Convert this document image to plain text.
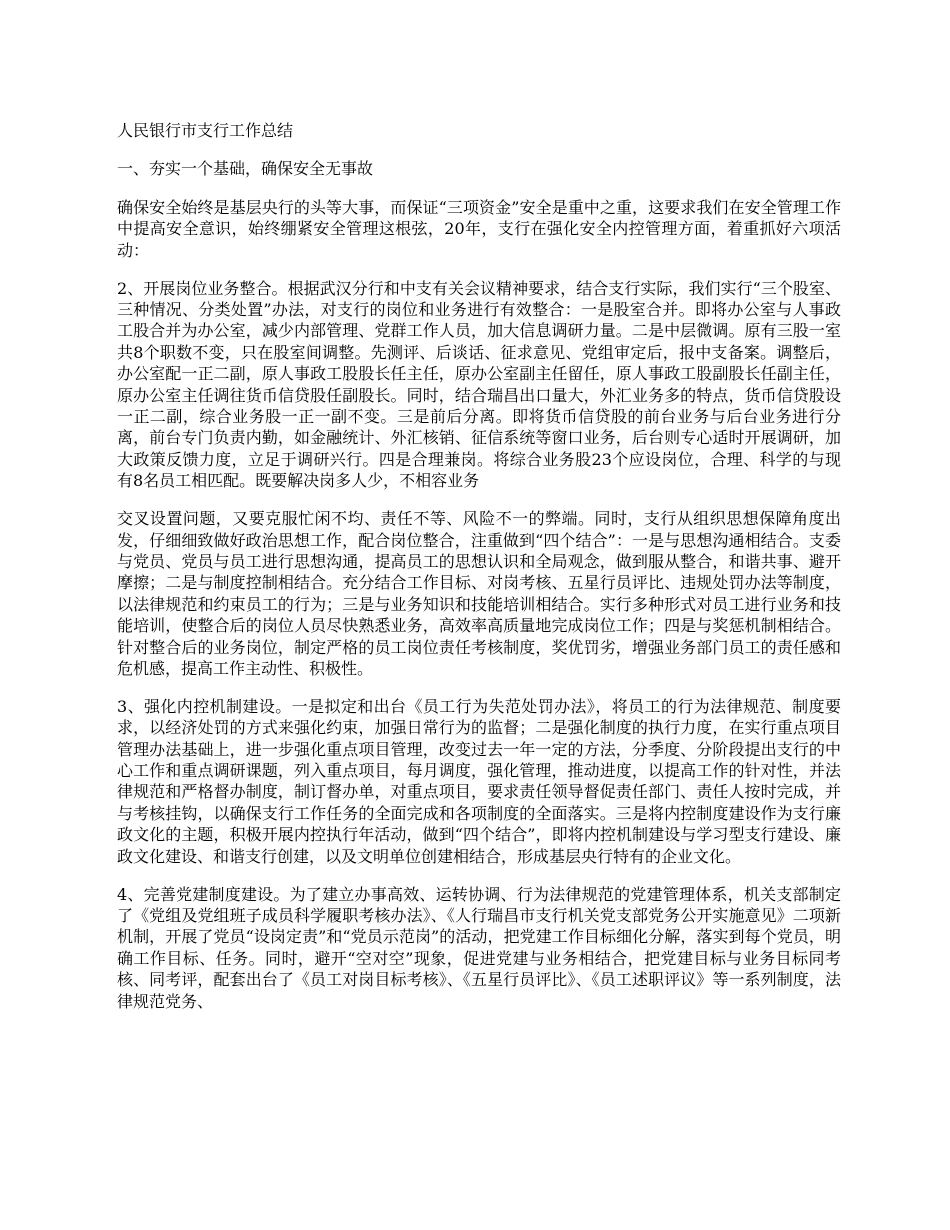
人民银行市支行工作总结

一、夯实一个基础，确保安全无事故

确保安全始终是基层央行的头等大事，而保证“三项资金”安全是重中之重，这要求我们在安全管理工作中提高安全意识，始终绷紧安全管理这根弦，20年，支行在强化安全内控管理方面，着重抓好六项活动：

2、开展岗位业务整合。根据武汉分行和中支有关会议精神要求，结合支行实际，我们实行“三个股室、三种情况、分类处置”办法，对支行的岗位和业务进行有效整合：一是股室合并。即将办公室与人事政工股合并为办公室，减少内部管理、党群工作人员，加大信息调研力量。二是中层微调。原有三股一室共8个职数不变，只在股室间调整。先测评、后谈话、征求意见、党组审定后，报中支备案。调整后，办公室配一正二副，原人事政工股股长任主任，原办公室副主任留任，原人事政工股副股长任副主任，原办公室主任调往货币信贷股任副股长。同时，结合瑞昌出口量大，外汇业务多的特点，货币信贷股设一正二副，综合业务股一正一副不变。三是前后分离。即将货币信贷股的前台业务与后台业务进行分离，前台专门负责内勤，如金融统计、外汇核销、征信系统等窗口业务，后台则专心适时开展调研，加大政策反馈力度，立足于调研兴行。四是合理兼岗。将综合业务股23个应设岗位，合理、科学的与现有8名员工相匹配。既要解决岗多人少，不相容业务

交叉设置问题，又要克服忙闲不均、责任不等、风险不一的弊端。同时，支行从组织思想保障角度出发，仔细细致做好政治思想工作，配合岗位整合，注重做到“四个结合”：一是与思想沟通相结合。支委与党员、党员与员工进行思想沟通，提高员工的思想认识和全局观念，做到服从整合，和谐共事、避开摩擦；二是与制度控制相结合。充分结合工作目标、对岗考核、五星行员评比、违规处罚办法等制度，以法律规范和约束员工的行为；三是与业务知识和技能培训相结合。实行多种形式对员工进行业务和技能培训，使整合后的岗位人员尽快熟悉业务，高效率高质量地完成岗位工作；四是与奖惩机制相结合。针对整合后的业务岗位，制定严格的员工岗位责任考核制度，奖优罚劣，增强业务部门员工的责任感和危机感，提高工作主动性、积极性。

3、强化内控机制建设。一是拟定和出台《员工行为失范处罚办法》，将员工的行为法律规范、制度要求，以经济处罚的方式来强化约束，加强日常行为的监督；二是强化制度的执行力度，在实行重点项目管理办法基础上，进一步强化重点项目管理，改变过去一年一定的方法，分季度、分阶段提出支行的中心工作和重点调研课题，列入重点项目，每月调度，强化管理，推动进度，以提高工作的针对性，并法律规范和严格督办制度，制订督办单，对重点项目，要求责任领导督促责任部门、责任人按时完成，并与考核挂钩，以确保支行工作任务的全面完成和各项制度的全面落实。三是将内控制度建设作为支行廉政文化的主题，积极开展内控执行年活动，做到“四个结合”，即将内控机制建设与学习型支行建设、廉政文化建设、和谐支行创建，以及文明单位创建相结合，形成基层央行特有的企业文化。

4、完善党建制度建设。为了建立办事高效、运转协调、行为法律规范的党建管理体系，机关支部制定了《党组及党组班子成员科学履职考核办法》、《人行瑞昌市支行机关党支部党务公开实施意见》二项新机制，开展了党员“设岗定责”和“党员示范岗”的活动，把党建工作目标细化分解，落实到每个党员，明确工作目标、任务。同时，避开“空对空”现象，促进党建与业务相结合，把党建目标与业务目标同考核、同考评，配套出台了《员工对岗目标考核》、《五星行员评比》、《员工述职评议》等一系列制度，法律规范党务、
